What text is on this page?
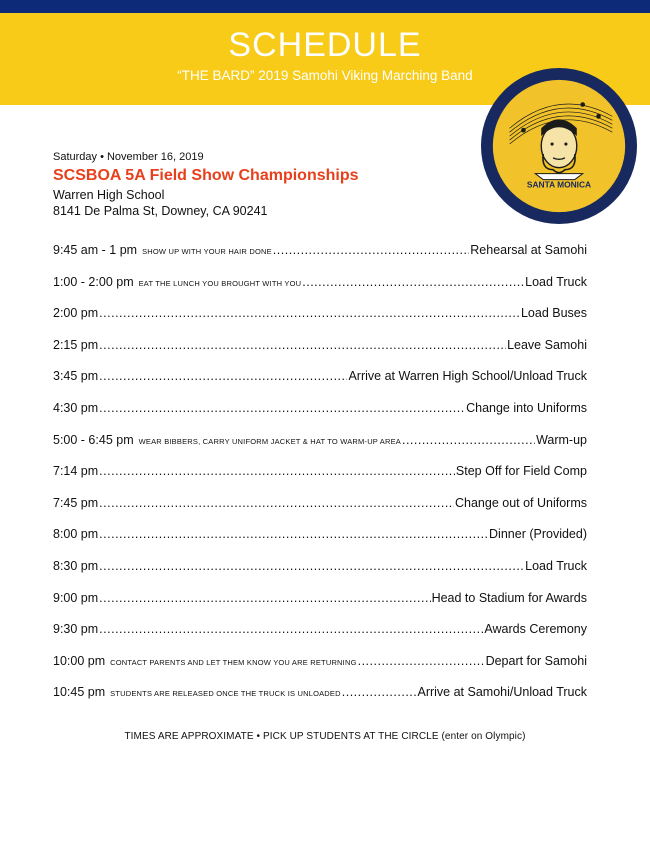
SCHEDULE
“THE BARD” 2019 Samohi Viking Marching Band
SANTA MONICA
VIKING MARCHING BAND
Saturday • November 16, 2019
SCSBOA 5A Field Show Championships
Warren High School
8141 De Palma St, Downey, CA 90241
9:45 am - 1 pm SHOW UP WITH YOUR HAIR DONE .....	Rehearsal at Samohi
1:00 - 2:00 pm EAT THE LUNCH YOU BROUGHT WITH YOU .....	Load Truck
2:00 pm .....	Load Buses
2:15 pm .....	Leave Samohi
3:45 pm .....	Arrive at Warren High School/Unload Truck
4:30 pm .....	Change into Uniforms
5:00 - 6:45 pm WEAR BIBBERS, CARRY UNIFORM JACKET & HAT TO WARM-UP AREA .....	Warm-up
7:14 pm .....	Step Off for Field Comp
7:45 pm .....	Change out of Uniforms
8:00 pm .....	Dinner (Provided)
8:30 pm .....	Load Truck
9:00 pm .....	Head to Stadium for Awards
9:30 pm .....	Awards Ceremony
10:00 pm CONTACT PARENTS AND LET THEM KNOW YOU ARE RETURNING .....	Depart for Samohi
10:45 pm STUDENTS ARE RELEASED ONCE THE TRUCK IS UNLOADED .....	Arrive at Samohi/Unload Truck
TIMES ARE APPROXIMATE • PICK UP STUDENTS AT THE CIRCLE (enter on Olympic)
